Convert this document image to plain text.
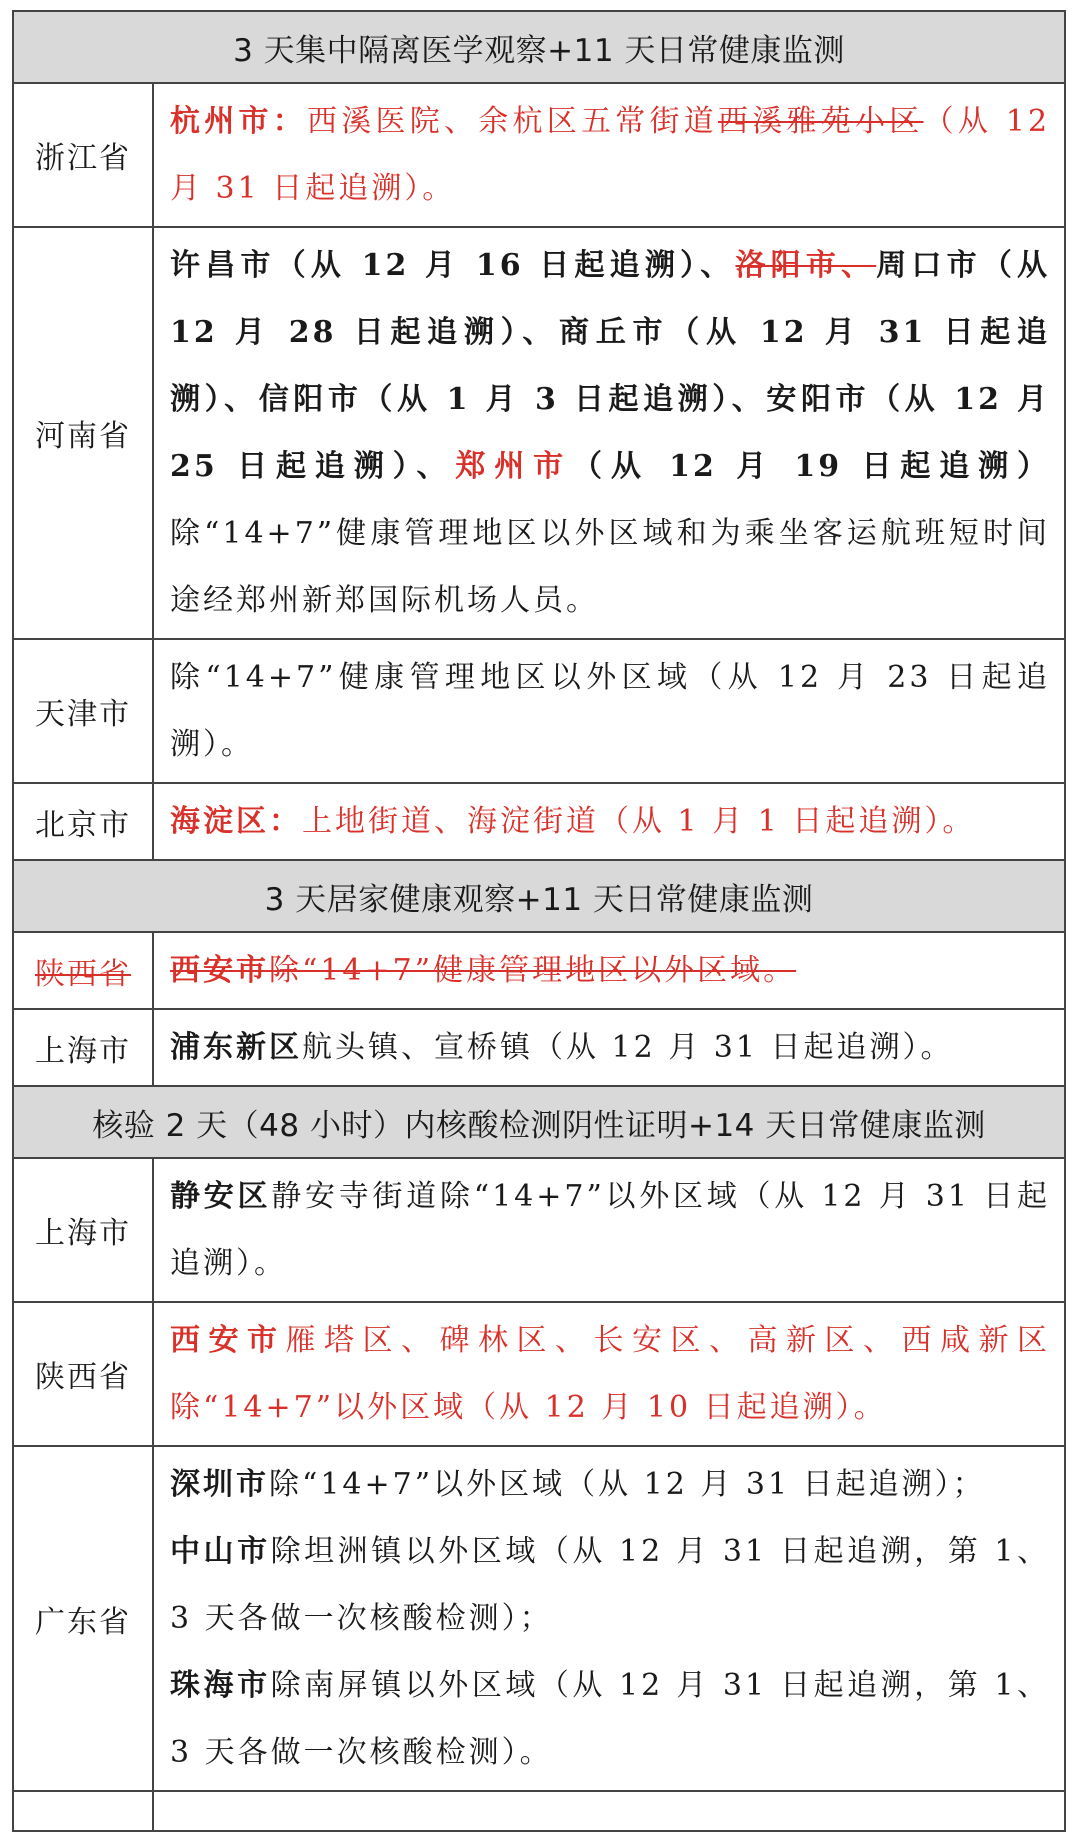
3 天集中隔离医学观察+11 天日常健康监测	
浙江省	杭州市：西溪医院、余杭区五常街道西溪雅苑小区（从 12 月 31 日起追溯）。
河南省	许昌市（从 12 月 16 日起追溯）、洛阳市、周口市（从 12 月 28 日起追溯）、商丘市（从 12 月 31 日起追溯）、信阳市（从 1 月 3 日起追溯）、安阳市（从 12 月 25 日起追溯）、郑州市（从 12 月 19 日起追溯）除“14+7”健康管理地区以外区域和为乘坐客运航班短时间途经郑州新郑国际机场人员。
天津市	除“14+7”健康管理地区以外区域（从 12 月 23 日起追溯）。
北京市	海淀区：上地街道、海淀街道（从 1 月 1 日起追溯）。
3 天居家健康观察+11 天日常健康监测	
陕西省	西安市除“14+7”健康管理地区以外区域。
上海市	浦东新区航头镇、宣桥镇（从 12 月 31 日起追溯）。
核验 2 天（48 小时）内核酸检测阴性证明+14 天日常健康监测	
上海市	静安区静安寺街道除“14+7”以外区域（从 12 月 31 日起追溯）。
陕西省	西安市雁塔区、碑林区、长安区、高新区、西咸新区除“14+7”以外区域（从 12 月 10 日起追溯）。
广东省	深圳市除“14+7”以外区域（从 12 月 31 日起追溯）；
中山市除坦洲镇以外区域（从 12 月 31 日起追溯，第 1、3 天各做一次核酸检测）；
珠海市除南屏镇以外区域（从 12 月 31 日起追溯，第 1、3 天各做一次核酸检测）。
